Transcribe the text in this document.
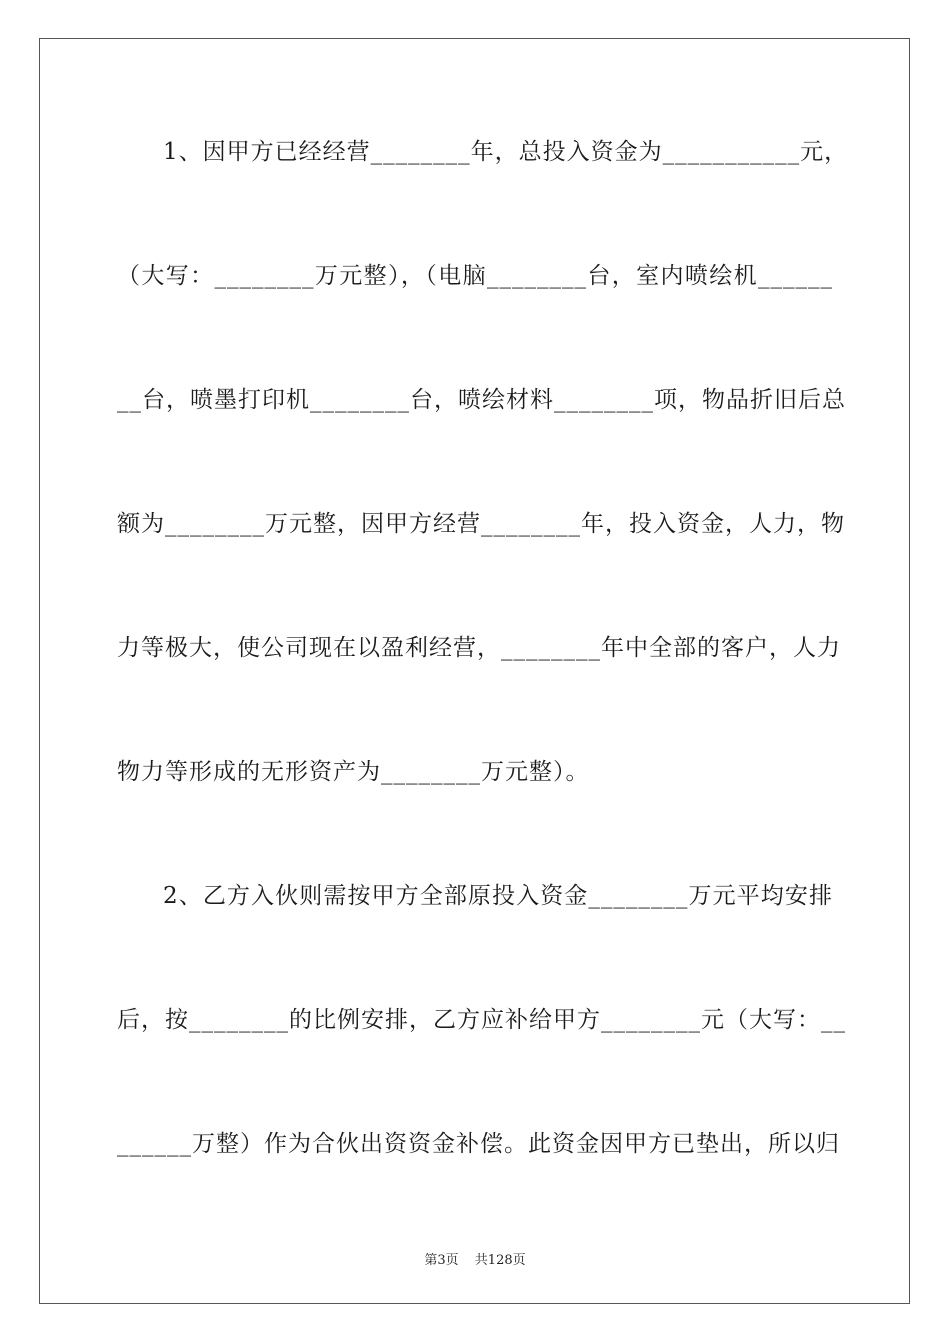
1、因甲方已经经营________年，总投入资金为___________元，
（大写：________万元整），（电脑________台，室内喷绘机______
__台，喷墨打印机________台，喷绘材料________项，物品折旧后总
额为________万元整，因甲方经营________年，投入资金，人力，物
力等极大，使公司现在以盈利经营，________年中全部的客户，人力
物力等形成的无形资产为________万元整）。
2、乙方入伙则需按甲方全部原投入资金________万元平均安排
后，按________的比例安排，乙方应补给甲方________元（大写：__
______万整）作为合伙出资资金补偿。此资金因甲方已垫出，所以归
第3页 共128页
